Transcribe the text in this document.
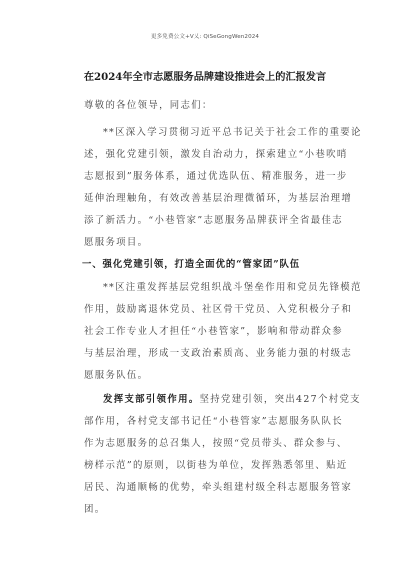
更多免费公文+V乂: QiSeGongWen2024
在2024年全市志愿服务品牌建设推进会上的汇报发言
尊敬的各位领导，同志们：
**区深入学习贯彻习近平总书记关于社会工作的重要论
述，强化党建引领，激发自治动力，探索建立“小巷吹哨
志愿报到”服务体系，通过优选队伍、精准服务，进一步
延伸治理触角，有效改善基层治理微循环，为基层治理增
添了新活力。“小巷管家”志愿服务品牌获评全省最佳志
愿服务项目。
一、强化党建引领，打造全面优的“管家团”队伍
**区注重发挥基层党组织战斗堡垒作用和党员先锋模范
作用，鼓励离退休党员、社区骨干党员、入党积极分子和
社会工作专业人才担任“小巷管家”，影响和带动群众参
与基层治理，形成一支政治素质高、业务能力强的村级志
愿服务队伍。
发挥支部引领作用。坚持党建引领，突出427个村党支
部作用，各村党支部书记任“小巷管家”志愿服务队队长
作为志愿服务的总召集人，按照“党员带头、群众参与、
榜样示范”的原则，以街巷为单位，发挥熟悉邻里、贴近
居民、沟通顺畅的优势，牵头组建村级全科志愿服务管家
团。
